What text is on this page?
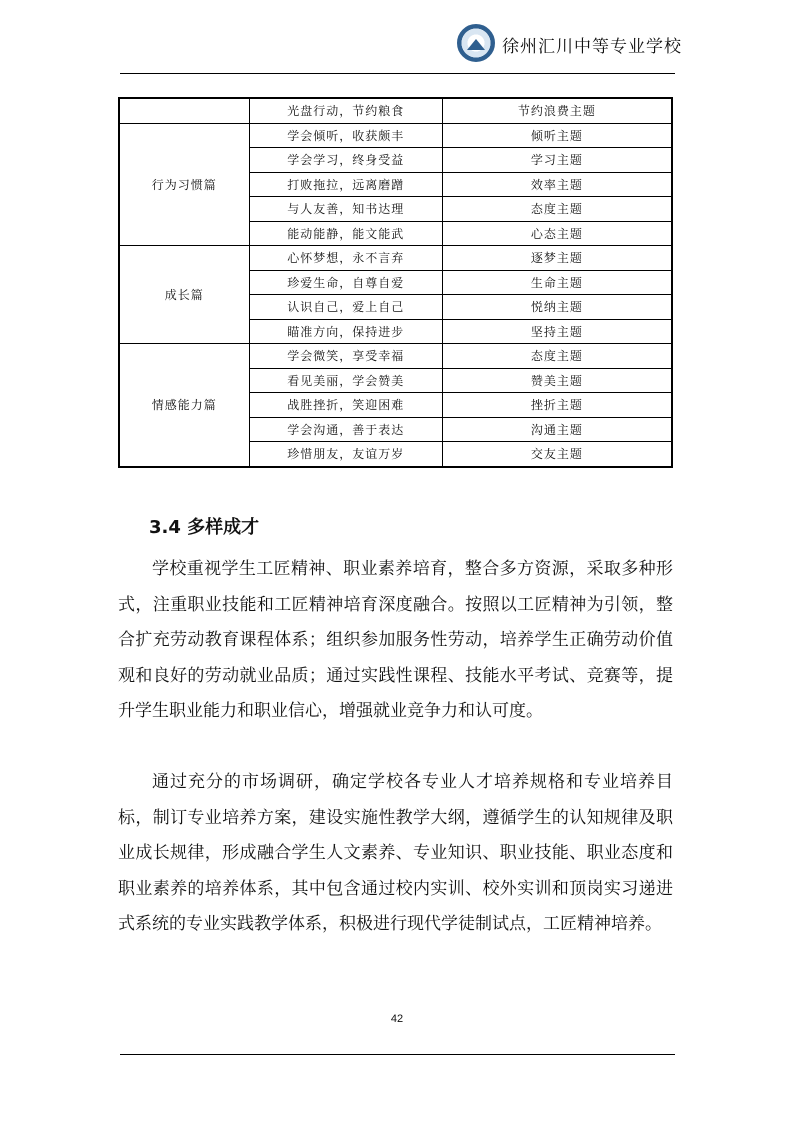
徐州汇川中等专业学校
	光盘行动，节约粮食	节约浪费主题
行为习惯篇	学会倾听，收获颇丰	倾听主题
	学会学习，终身受益	学习主题
	打败拖拉，远离磨蹭	效率主题
	与人友善，知书达理	态度主题
	能动能静，能文能武	心态主题
成长篇	心怀梦想，永不言弃	逐梦主题
	珍爱生命，自尊自爱	生命主题
	认识自己，爱上自己	悦纳主题
	瞄准方向，保持进步	坚持主题
情感能力篇	学会微笑，享受幸福	态度主题
	看见美丽，学会赞美	赞美主题
	战胜挫折，笑迎困难	挫折主题
	学会沟通，善于表达	沟通主题
	珍惜朋友，友谊万岁	交友主题
3.4 多样成才

学校重视学生工匠精神、职业素养培育，整合多方资源，采取多种形式，注重职业技能和工匠精神培育深度融合。按照以工匠精神为引领，整合扩充劳动教育课程体系；组织参加服务性劳动，培养学生正确劳动价值观和良好的劳动就业品质；通过实践性课程、技能水平考试、竞赛等，提升学生职业能力和职业信心，增强就业竞争力和认可度。

通过充分的市场调研，确定学校各专业人才培养规格和专业培养目标，制订专业培养方案，建设实施性教学大纲，遵循学生的认知规律及职业成长规律，形成融合学生人文素养、专业知识、职业技能、职业态度和职业素养的培养体系，其中包含通过校内实训、校外实训和顶岗实习递进式系统的专业实践教学体系，积极进行现代学徒制试点，工匠精神培养。

42
